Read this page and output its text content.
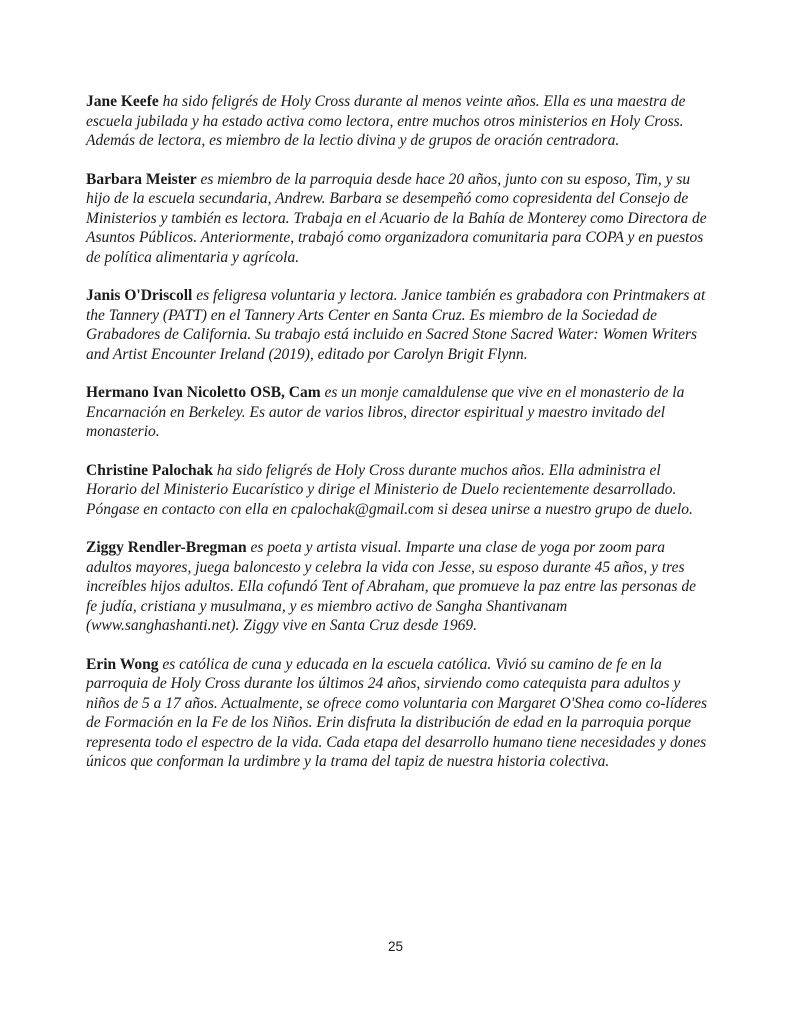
Jane Keefe ha sido feligrés de Holy Cross durante al menos veinte años. Ella es una maestra de escuela jubilada y ha estado activa como lectora, entre muchos otros ministerios en Holy Cross. Además de lectora, es miembro de la lectio divina y de grupos de oración centradora.

Barbara Meister es miembro de la parroquia desde hace 20 años, junto con su esposo, Tim, y su hijo de la escuela secundaria, Andrew. Barbara se desempeñó como copresidenta del Consejo de Ministerios y también es lectora. Trabaja en el Acuario de la Bahía de Monterey como Directora de Asuntos Públicos. Anteriormente, trabajó como organizadora comunitaria para COPA y en puestos de política alimentaria y agrícola.

Janis O'Driscoll es feligresa voluntaria y lectora. Janice también es grabadora con Printmakers at the Tannery (PATT) en el Tannery Arts Center en Santa Cruz. Es miembro de la Sociedad de Grabadores de California. Su trabajo está incluido en Sacred Stone Sacred Water: Women Writers and Artist Encounter Ireland (2019), editado por Carolyn Brigit Flynn.

Hermano Ivan Nicoletto OSB, Cam es un monje camaldulense que vive en el monasterio de la Encarnación en Berkeley. Es autor de varios libros, director espiritual y maestro invitado del monasterio.

Christine Palochak ha sido feligrés de Holy Cross durante muchos años. Ella administra el Horario del Ministerio Eucarístico y dirige el Ministerio de Duelo recientemente desarrollado. Póngase en contacto con ella en cpalochak@gmail.com si desea unirse a nuestro grupo de duelo.

Ziggy Rendler-Bregman es poeta y artista visual. Imparte una clase de yoga por zoom para adultos mayores, juega baloncesto y celebra la vida con Jesse, su esposo durante 45 años, y tres increíbles hijos adultos. Ella cofundó Tent of Abraham, que promueve la paz entre las personas de fe judía, cristiana y musulmana, y es miembro activo de Sangha Shantivanam (www.sanghashanti.net). Ziggy vive en Santa Cruz desde 1969.

Erin Wong es católica de cuna y educada en la escuela católica. Vivió su camino de fe en la parroquia de Holy Cross durante los últimos 24 años, sirviendo como catequista para adultos y niños de 5 a 17 años. Actualmente, se ofrece como voluntaria con Margaret O'Shea como co-líderes de Formación en la Fe de los Niños. Erin disfruta la distribución de edad en la parroquia porque representa todo el espectro de la vida. Cada etapa del desarrollo humano tiene necesidades y dones únicos que conforman la urdimbre y la trama del tapiz de nuestra historia colectiva.

25
